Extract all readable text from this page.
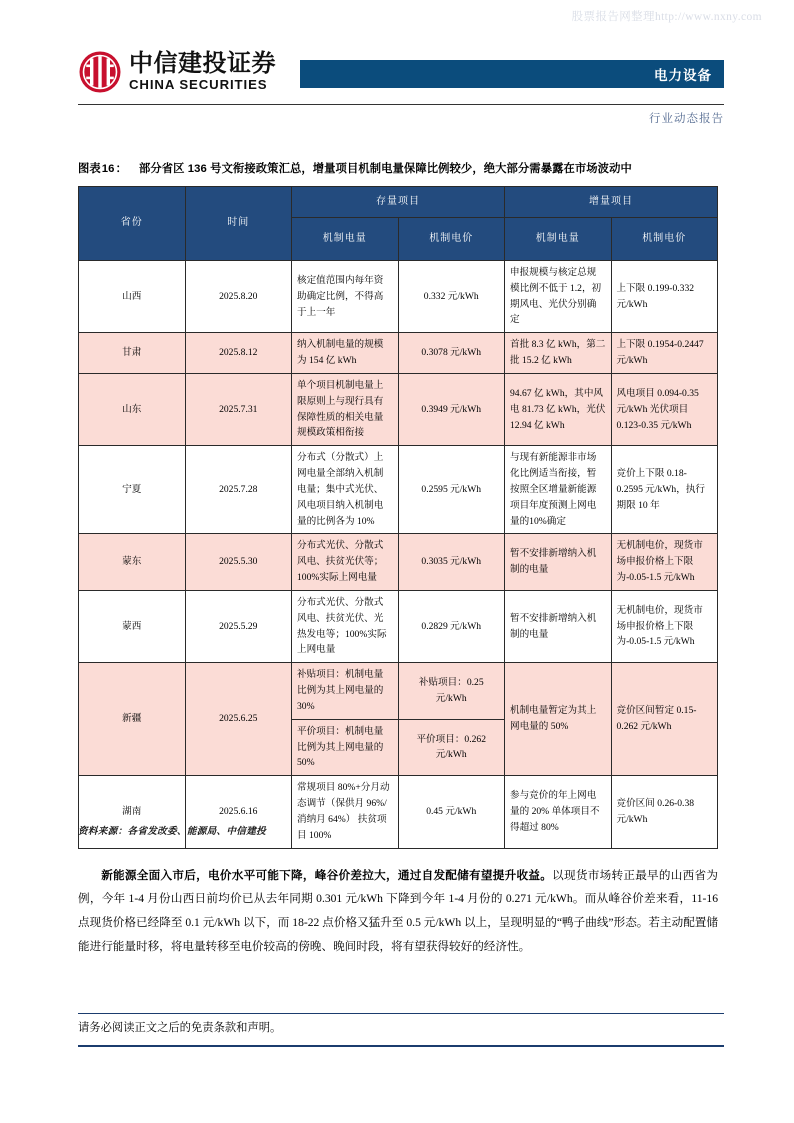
股票报告网整理http://www.nxny.com
中信建投证券
CHINA SECURITIES
电力设备
行业动态报告
图表16： 部分省区 136 号文衔接政策汇总，增量项目机制电量保障比例较少，绝大部分需暴露在市场波动中
省份	时间	存量项目		增量项目	
		机制电量	机制电价	机制电量	机制电价
山西	2025.8.20	核定值范围内每年资助确定比例，不得高于上一年	0.332 元/kWh	申报规模与核定总规模比例不低于 1.2，初期风电、光伏分别确定	上下限 0.199-0.332 元/kWh
甘肃	2025.8.12	纳入机制电量的规模为 154 亿 kWh	0.3078 元/kWh	首批 8.3 亿 kWh，第二批 15.2 亿 kWh	上下限 0.1954-0.2447 元/kWh
山东	2025.7.31	单个项目机制电量上限原则上与现行具有保障性质的相关电量规模政策相衔接	0.3949 元/kWh	94.67 亿 kWh，其中风电 81.73 亿 kWh，光伏 12.94 亿 kWh	风电项目 0.094-0.35 元/kWh 光伏项目 0.123-0.35 元/kWh
宁夏	2025.7.28	分布式（分散式）上网电量全部纳入机制电量；集中式光伏、风电项目纳入机制电量的比例各为 10%	0.2595 元/kWh	与现有新能源非市场化比例适当衔接，暂按照全区增量新能源项目年度预测上网电量的10%确定	竞价上下限 0.18-0.2595 元/kWh，执行期限 10 年
蒙东	2025.5.30	分布式光伏、分散式风电、扶贫光伏等；100%实际上网电量	0.3035 元/kWh	暂不安排新增纳入机制的电量	无机制电价，现货市场申报价格上下限为-0.05-1.5 元/kWh
蒙西	2025.5.29	分布式光伏、分散式风电、扶贫光伏、光热发电等；100%实际上网电量	0.2829 元/kWh	暂不安排新增纳入机制的电量	无机制电价，现货市场申报价格上下限为-0.05-1.5 元/kWh
新疆	2025.6.25	补贴项目：机制电量比例为其上网电量的 30%	补贴项目：0.25 元/kWh	机制电量暂定为其上网电量的 50%	竞价区间暂定 0.15-0.262 元/kWh
		平价项目：机制电量比例为其上网电量的 50%	平价项目：0.262 元/kWh		
湖南	2025.6.16	常规项目 80%+分月动态调节（保供月 96%/消纳月 64%） 扶贫项目 100%	0.45 元/kWh	参与竞价的年上网电量的 20% 单体项目不得超过 80%	竞价区间 0.26-0.38 元/kWh
资料来源：各省发改委、能源局、中信建投

新能源全面入市后，电价水平可能下降，峰谷价差拉大，通过自发配储有望提升收益。以现货市场转正最早的山西省为例，今年 1-4 月份山西日前均价已从去年同期 0.301 元/kWh 下降到今年 1-4 月份的 0.271 元/kWh。而从峰谷价差来看，11-16 点现货价格已经降至 0.1 元/kWh 以下，而 18-22 点价格又猛升至 0.5 元/kWh 以上，呈现明显的“鸭子曲线”形态。若主动配置储能进行能量时移，将电量转移至电价较高的傍晚、晚间时段，将有望获得较好的经济性。

请务必阅读正文之后的免责条款和声明。
